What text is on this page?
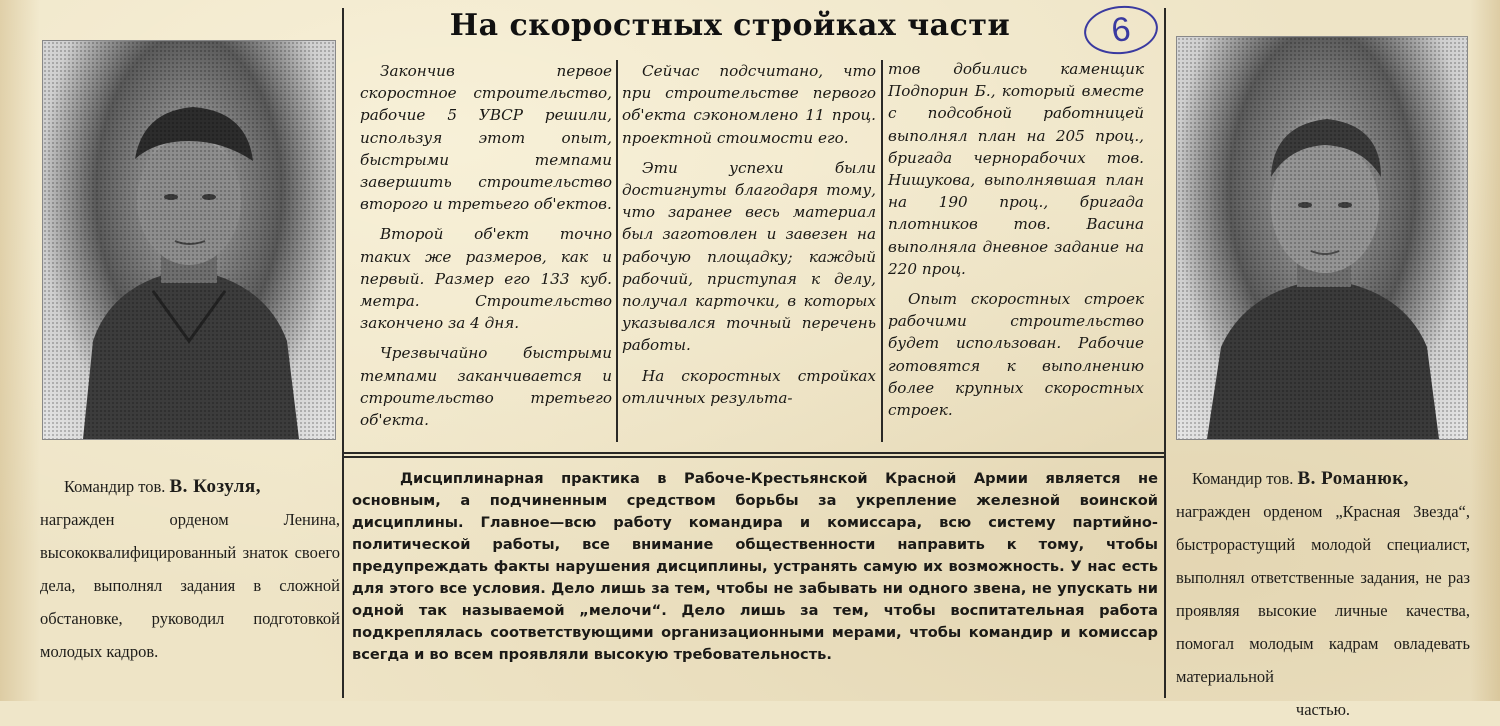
На скоростных стройках части	6

Командир тов. В. Козуля,

награжден орденом Ленина, высококвалифицированный знаток своего дела, выполнял задания в сложной обстановке, руководил подготовкой молодых кадров.

Командир тов. В. Романюк,

награжден орденом „Красная Звезда“, быстрорастущий молодой специалист, выполнял ответственные задания, не раз проявляя высокие личные качества, помогал молодым кадрам овладевать материальной

частью.

Закончив первое скоростное строительство, рабочие 5 УВСР решили, используя этот опыт, быстрыми темпами завершить строительство второго и третьего об'ектов.

Второй об'ект точно таких же размеров, как и первый. Размер его 133 куб. метра. Строительство закончено за 4 дня.

Чрезвычайно быстрыми темпами заканчивается и строительство третьего об'екта.

Сейчас подсчитано, что при строительстве первого об'екта сэкономлено 11 проц. проектной стоимости его.

Эти успехи были достигнуты благодаря тому, что заранее весь материал был заготовлен и завезен на рабочую площадку; каждый рабочий, приступая к делу, получал карточки, в которых указывался точный перечень работы.

На скоростных стройках отличных результа-

тов добились каменщик Подпорин Б., который вместе с подсобной работницей выполнял план на 205 проц., бригада чернорабочих тов. Нишукова, выполнявшая план на 190 проц., бригада плотников тов. Васина выполняла дневное задание на 220 проц.

Опыт скоростных строек рабочими строительство будет использован. Рабочие готовятся к выполнению более крупных скоростных строек.

Дисциплинарная практика в Рабоче-Крестьянской Красной Армии является не основным, а подчиненным средством борьбы за укрепление железной воинской дисциплины. Главное—всю работу командира и комиссара, всю систему партийно-политической работы, все внимание общественности направить к тому, чтобы предупреждать факты нарушения дисциплины, устранять самую их возможность. У нас есть для этого все условия. Дело лишь за тем, чтобы не забывать ни одного звена, не упускать ни одной так называемой „мелочи“. Дело лишь за тем, чтобы воспитательная работа подкреплялась соответствующими организационными мерами, чтобы командир и комиссар всегда и во всем проявляли высокую требовательность.
